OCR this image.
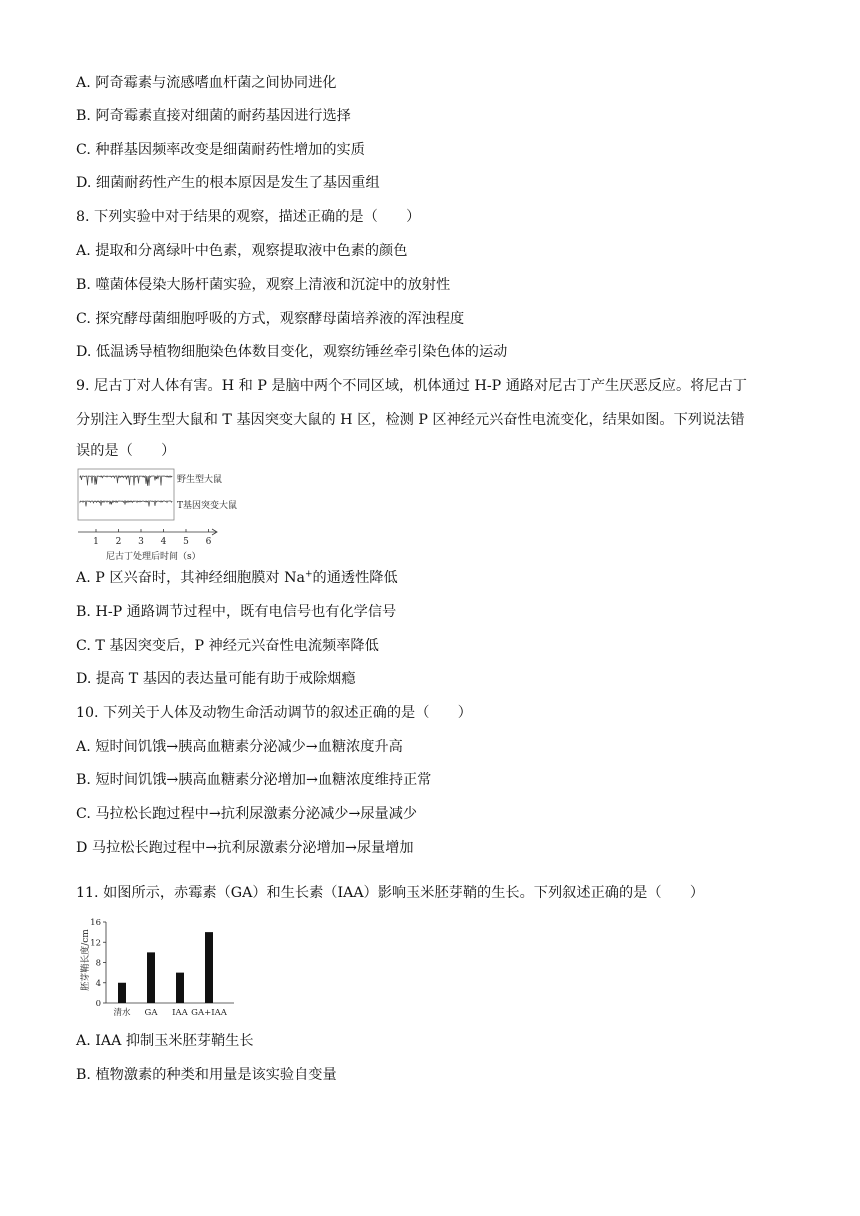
A. 阿奇霉素与流感嗜血杆菌之间协同进化
B. 阿奇霉素直接对细菌的耐药基因进行选择
C. 种群基因频率改变是细菌耐药性增加的实质
D. 细菌耐药性产生的根本原因是发生了基因重组
8. 下列实验中对于结果的观察，描述正确的是（　　）
A. 提取和分离绿叶中色素，观察提取液中色素的颜色
B. 噬菌体侵染大肠杆菌实验，观察上清液和沉淀中的放射性
C. 探究酵母菌细胞呼吸的方式，观察酵母菌培养液的浑浊程度
D. 低温诱导植物细胞染色体数目变化，观察纺锤丝牵引染色体的运动
9. 尼古丁对人体有害。H 和 P 是脑中两个不同区域，机体通过 H-P 通路对尼古丁产生厌恶反应。将尼古丁
分别注入野生型大鼠和 T 基因突变大鼠的 H 区，检测 P 区神经元兴奋性电流变化，结果如图。下列说法错
误的是（　　）
野生型大鼠
T基因突变大鼠
1 2 3 4 5 6
尼古丁处理后时间（s）
A. P 区兴奋时，其神经细胞膜对 Na+的通透性降低
B. H-P 通路调节过程中，既有电信号也有化学信号
C. T 基因突变后，P 神经元兴奋性电流频率降低
D. 提高 T 基因的表达量可能有助于戒除烟瘾
10. 下列关于人体及动物生命活动调节的叙述正确的是（　　）
A. 短时间饥饿→胰高血糖素分泌减少→血糖浓度升高
B. 短时间饥饿→胰高血糖素分泌增加→血糖浓度维持正常
C. 马拉松长跑过程中→抗利尿激素分泌减少→尿量减少
D 马拉松长跑过程中→抗利尿激素分泌增加→尿量增加
11. 如图所示，赤霉素（GA）和生长素（IAA）影响玉米胚芽鞘的生长。下列叙述正确的是（　　）
胚芽鞘长度/cm
0
4
8
12
16
清水 GA IAA GA+IAA
A. IAA 抑制玉米胚芽鞘生长
B. 植物激素的种类和用量是该实验自变量
